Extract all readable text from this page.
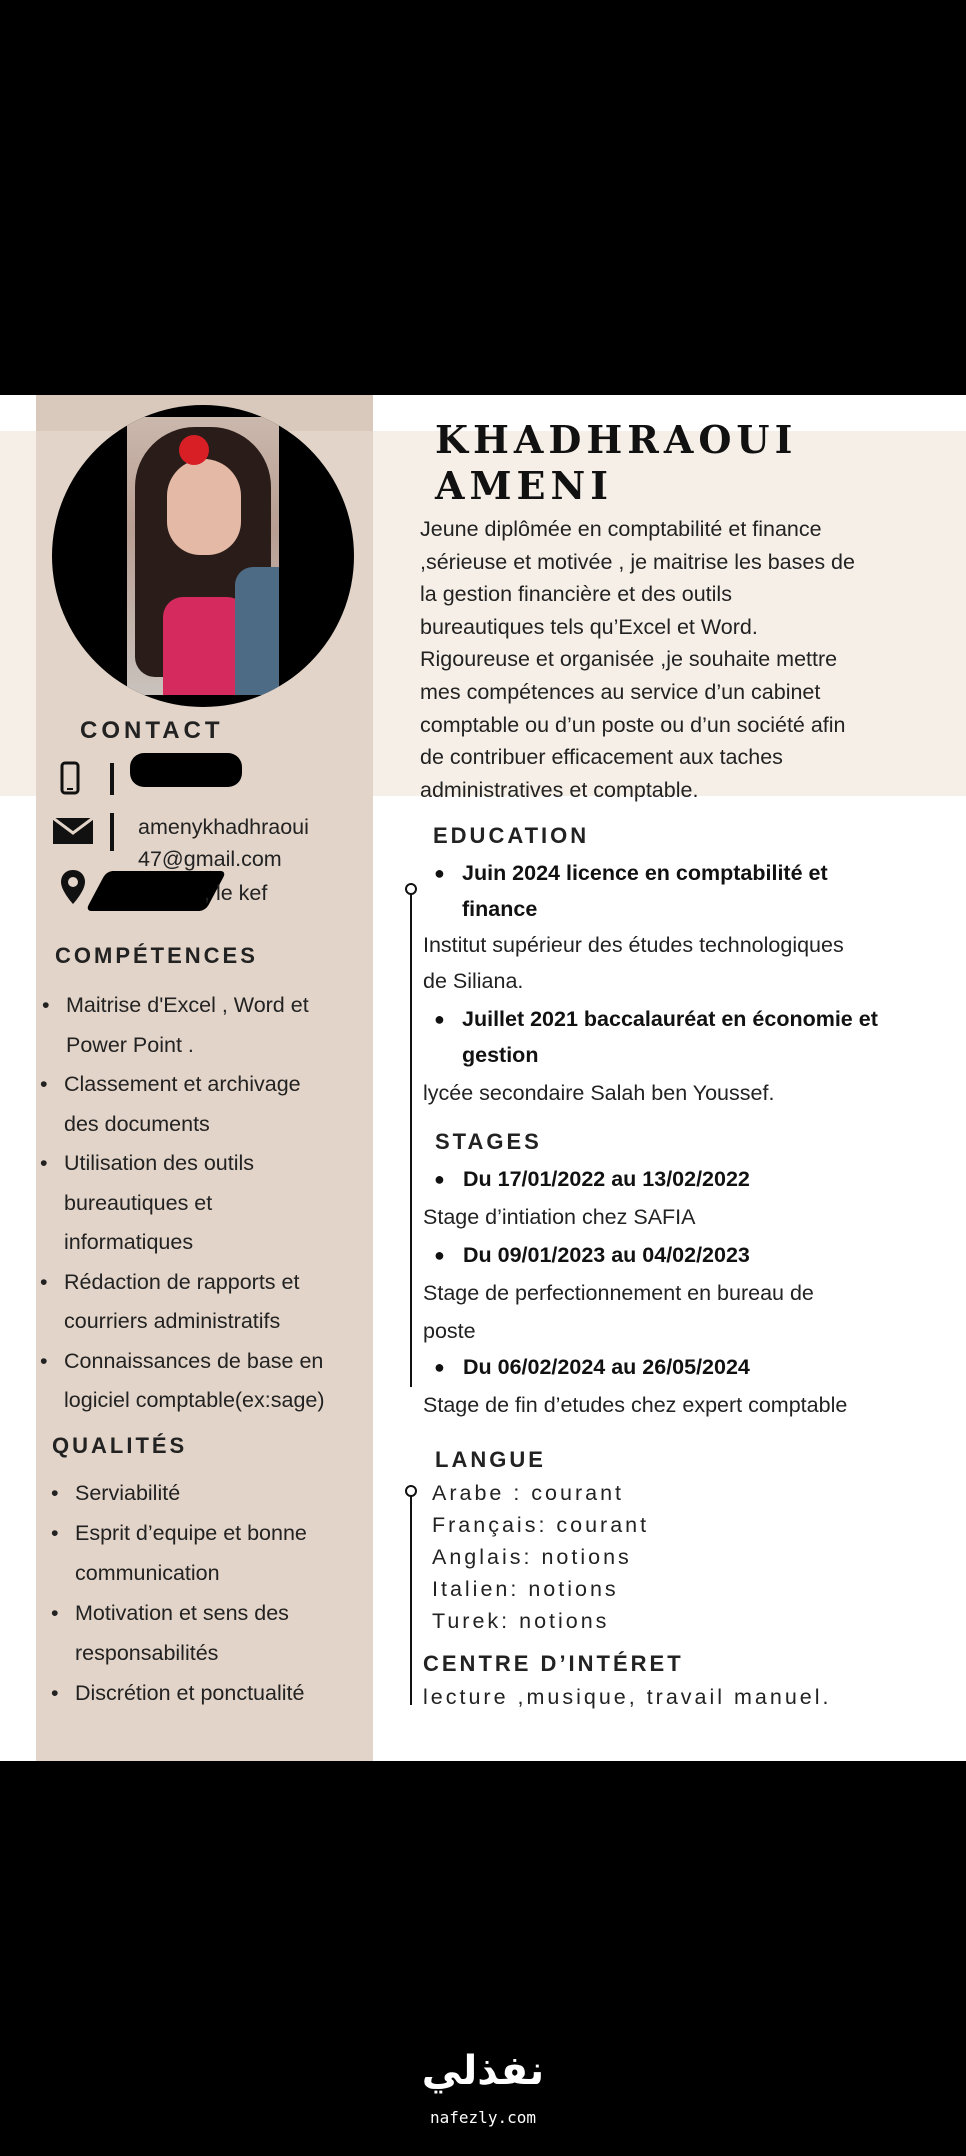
KHADHRAOUI

AMENI

Jeune diplômée en comptabilité et finance
,sérieuse et motivée , je maitrise les bases de
la gestion financière et des outils
bureautiques tels qu’Excel et Word.
Rigoureuse et organisée ,je souhaite mettre
mes compétences au service d’un cabinet
comptable ou d’un poste ou d’un société afin
de contribuer efficacement aux taches
administratives et comptable.

CONTACT

amenykhadhraoui
47@gmail.com
, le kef

COMPÉTENCES

• Maitrise d'Excel , Word et
Power Point .
• Classement et archivage
des documents
• Utilisation des outils
bureautiques et
informatiques
• Rédaction de rapports et
courriers administratifs
• Connaissances de base en
logiciel comptable(ex:sage)

QUALITÉS

• Serviabilité
• Esprit d’equipe et bonne
communication
• Motivation et sens des
responsabilités
• Discrétion et ponctualité

EDUCATION

● Juin 2024 licence en comptabilité et

finance

Institut supérieur des études technologiques

de Siliana.

● Juillet 2021 baccalauréat en économie et

gestion

lycée secondaire Salah ben Youssef.

STAGES

● Du 17/01/2022 au 13/02/2022

Stage d’intiation chez SAFIA

● Du 09/01/2023 au 04/02/2023

Stage de perfectionnement en bureau de

poste

● Du 06/02/2024 au 26/05/2024

Stage de fin d’etudes chez expert comptable

LANGUE

Arabe : courant

Français: courant

Anglais: notions

Italien: notions

Turek: notions

CENTRE D’INTÉRET

lecture ,musique, travail manuel.

نفذلي
nafezly.com
